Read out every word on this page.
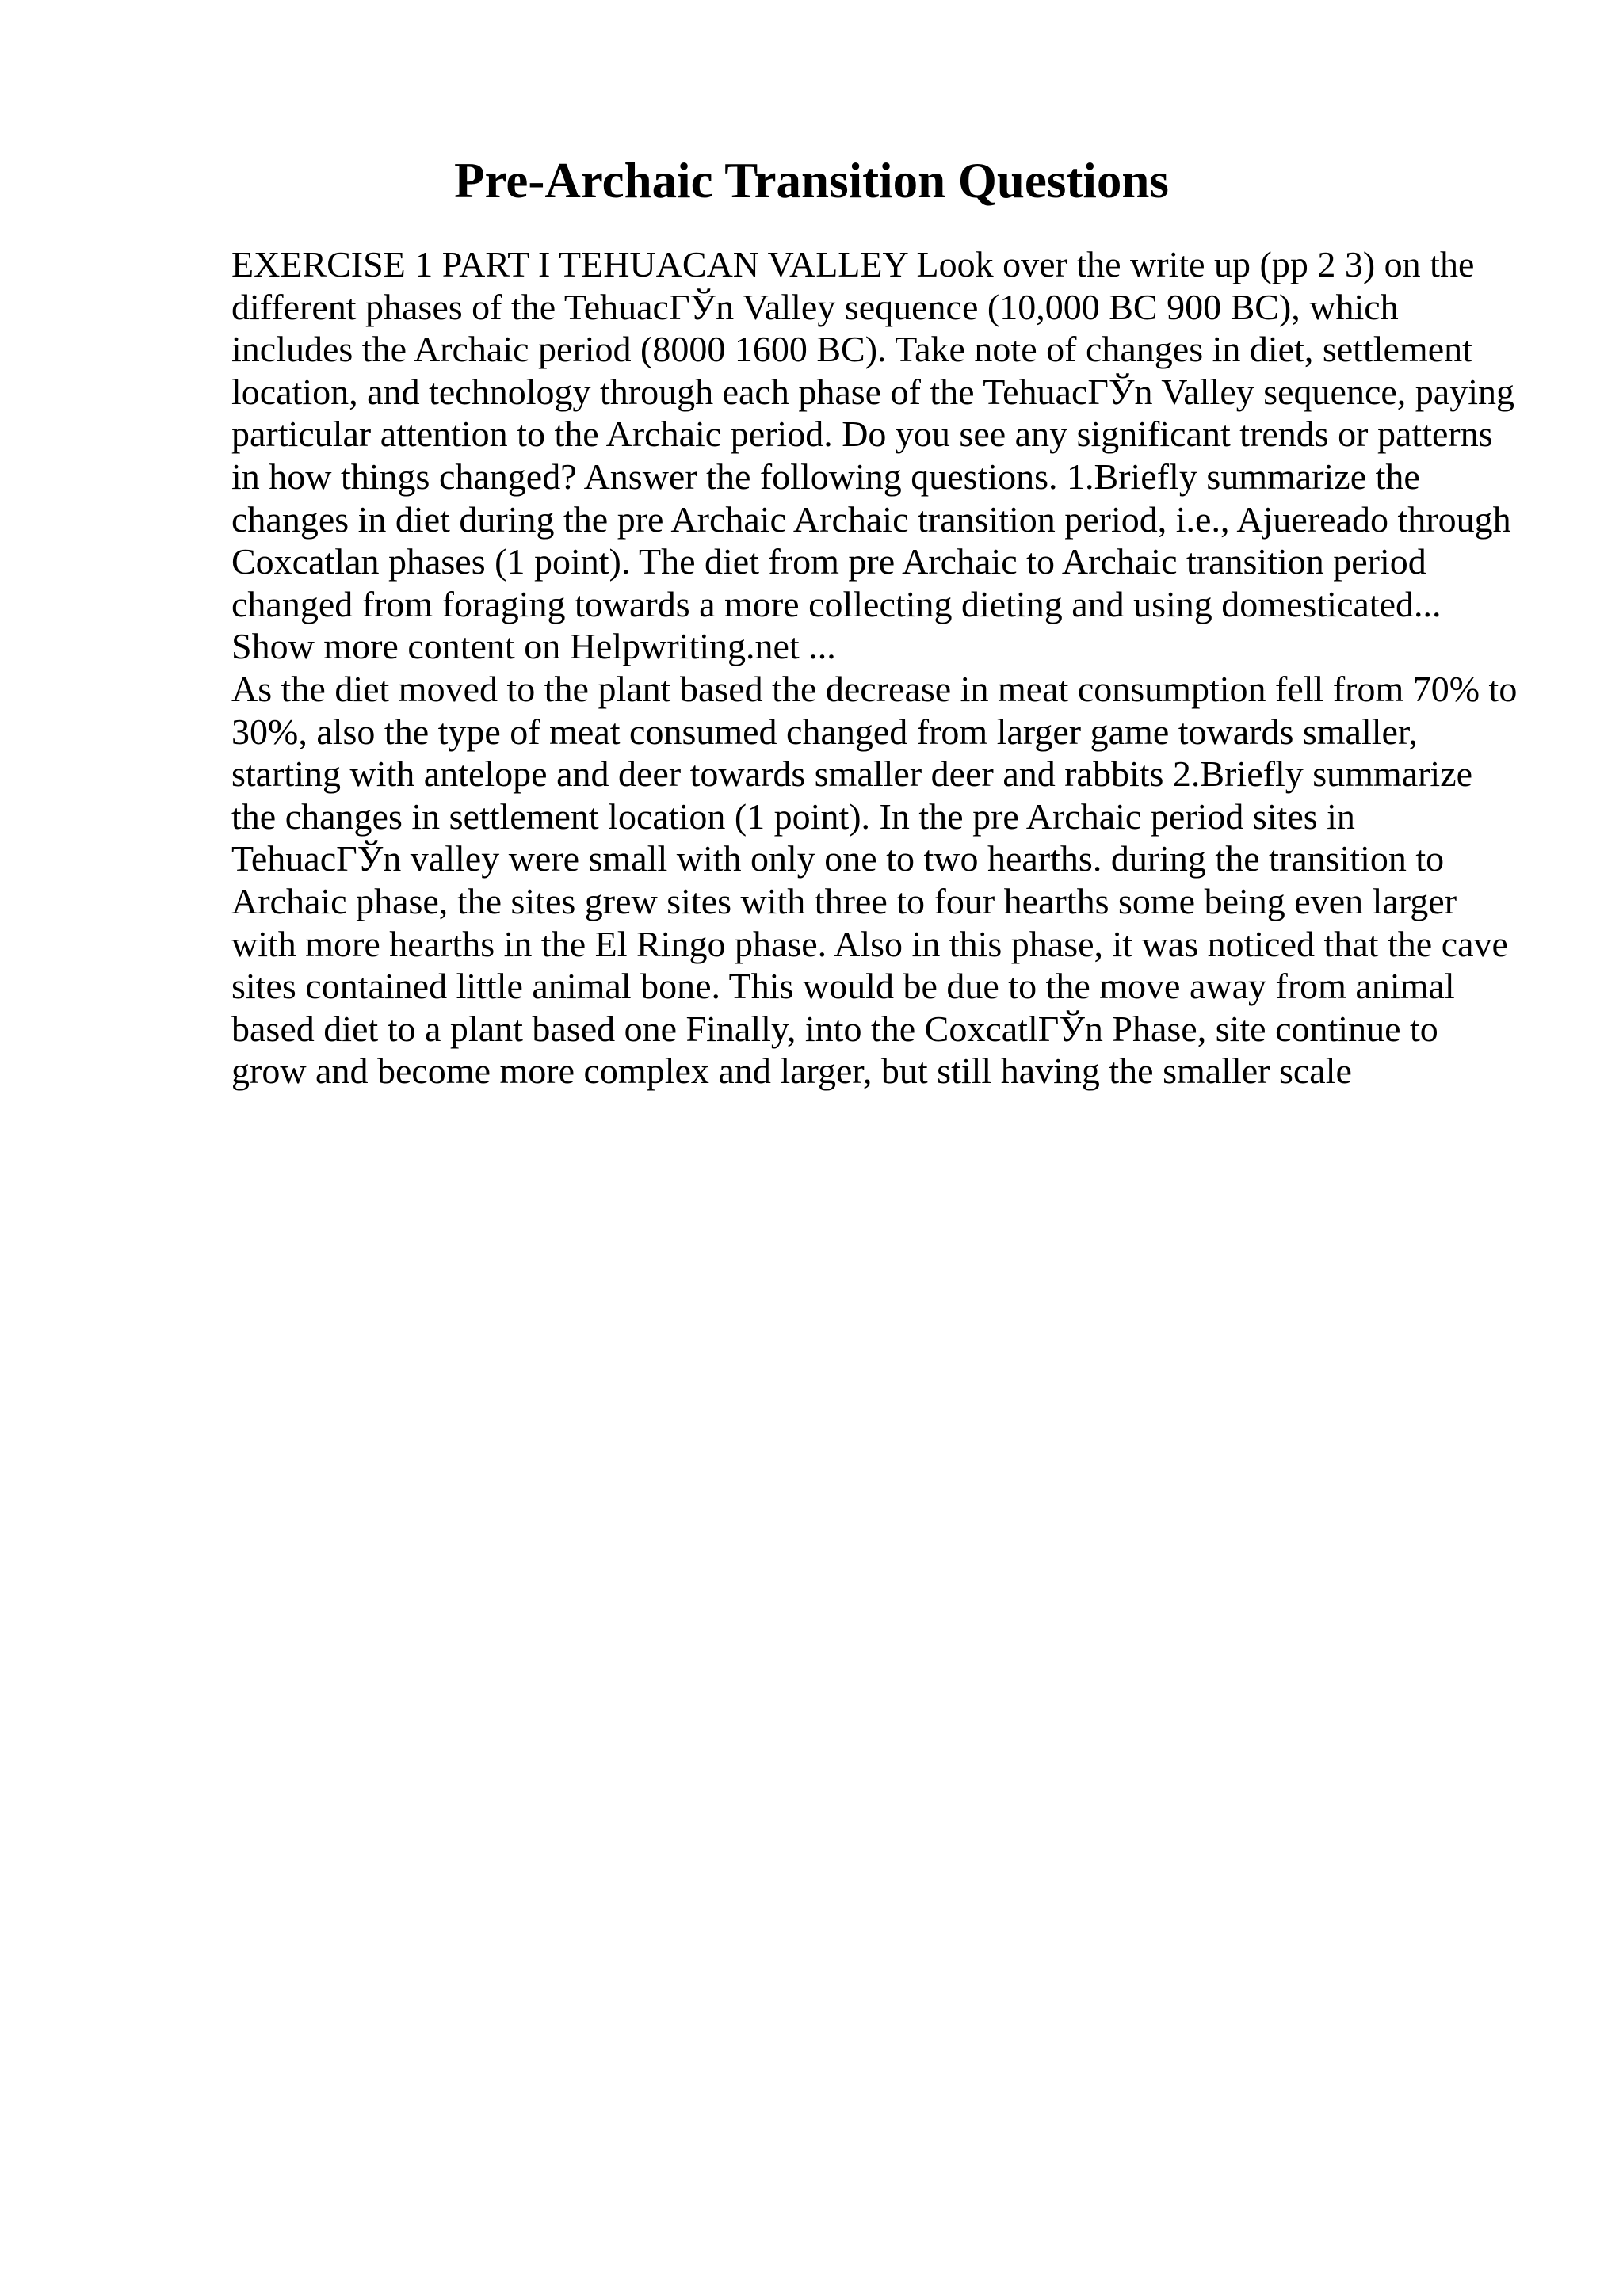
Pre-Archaic Transition Questions

EXERCISE 1 PART I TEHUACAN VALLEY Look over the write up (pp 2 3) on the different phases of the TehuacГЎn Valley sequence (10,000 BC 900 BC), which includes the Archaic period (8000 1600 BC). Take note of changes in diet, settlement location, and technology through each phase of the TehuacГЎn Valley sequence, paying particular attention to the Archaic period. Do you see any significant trends or patterns in how things changed? Answer the following questions. 1.Briefly summarize the changes in diet during the pre Archaic Archaic transition period, i.e., Ajuereado through Coxcatlan phases (1 point). The diet from pre Archaic to Archaic transition period changed from foraging towards a more collecting dieting and using domesticated... Show more content on Helpwriting.net ...

As the diet moved to the plant based the decrease in meat consumption fell from 70% to 30%, also the type of meat consumed changed from larger game towards smaller, starting with antelope and deer towards smaller deer and rabbits 2.Briefly summarize the changes in settlement location (1 point). In the pre Archaic period sites in TehuacГЎn valley were small with only one to two hearths. during the transition to Archaic phase, the sites grew sites with three to four hearths some being even larger with more hearths in the El Ringo phase. Also in this phase, it was noticed that the cave sites contained little animal bone. This would be due to the move away from animal based diet to a plant based one Finally, into the CoxcatlГЎn Phase, site continue to grow and become more complex and larger, but still having the smaller scale
